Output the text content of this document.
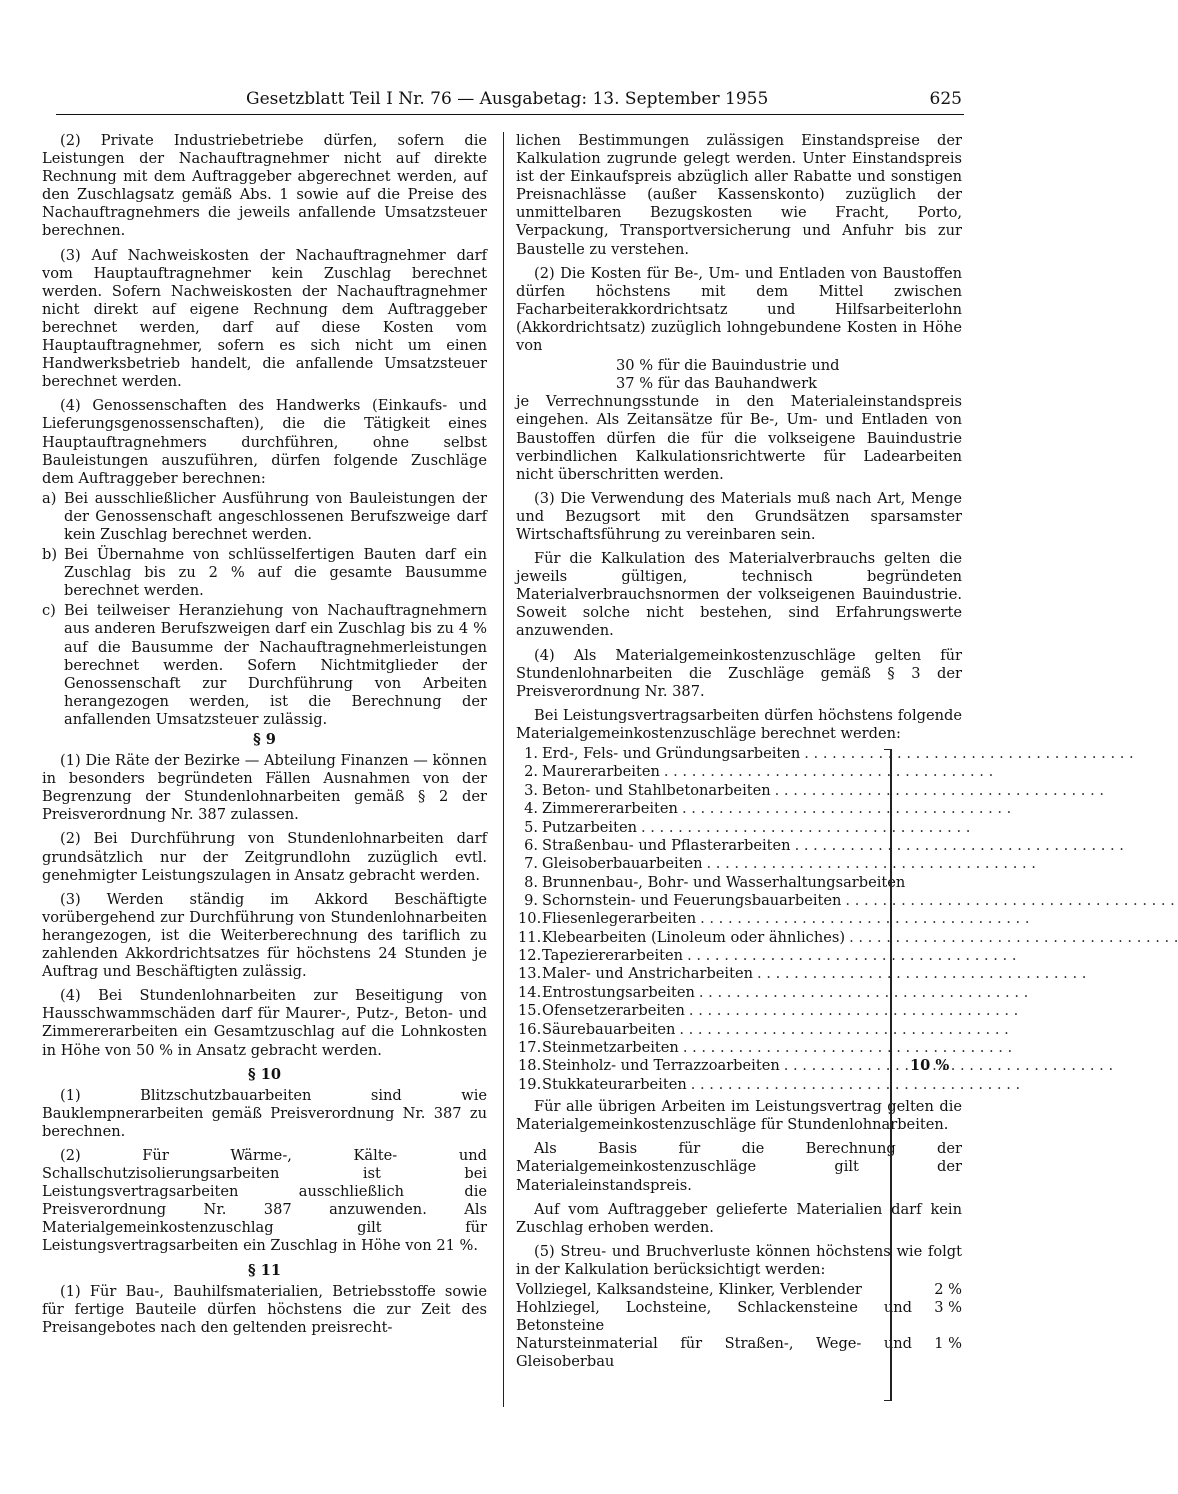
Gesetzblatt Teil I Nr. 76 — Ausgabetag: 13. September 1955	625

(2) Private Industriebetriebe dürfen, sofern die Leistungen der Nachauftragnehmer nicht auf direkte Rechnung mit dem Auftraggeber abgerechnet werden, auf den Zuschlagsatz gemäß Abs. 1 sowie auf die Preise des Nachauftragnehmers die jeweils anfallende Umsatzsteuer berechnen.

(3) Auf Nachweiskosten der Nachauftragnehmer darf vom Hauptauftragnehmer kein Zuschlag berechnet werden. Sofern Nachweiskosten der Nachauftragnehmer nicht direkt auf eigene Rechnung dem Auftraggeber berechnet werden, darf auf diese Kosten vom Hauptauftragnehmer, sofern es sich nicht um einen Handwerksbetrieb handelt, die anfallende Umsatzsteuer berechnet werden.

(4) Genossenschaften des Handwerks (Einkaufs- und Lieferungsgenossenschaften), die die Tätigkeit eines Hauptauftragnehmers durchführen, ohne selbst Bauleistungen auszuführen, dürfen folgende Zuschläge dem Auftraggeber berechnen:

a) Bei ausschließlicher Ausführung von Bauleistungen der der Genossenschaft angeschlossenen Berufszweige darf kein Zuschlag berechnet werden.
b) Bei Übernahme von schlüsselfertigen Bauten darf ein Zuschlag bis zu 2 % auf die gesamte Bausumme berechnet werden.
c) Bei teilweiser Heranziehung von Nachauftragnehmern aus anderen Berufszweigen darf ein Zuschlag bis zu 4 % auf die Bausumme der Nachauftragnehmerleistungen berechnet werden. Sofern Nichtmitglieder der Genossenschaft zur Durchführung von Arbeiten herangezogen werden, ist die Berechnung der anfallenden Umsatzsteuer zulässig.
§ 9

(1) Die Räte der Bezirke — Abteilung Finanzen — können in besonders begründeten Fällen Ausnahmen von der Begrenzung der Stundenlohnarbeiten gemäß § 2 der Preisverordnung Nr. 387 zulassen.

(2) Bei Durchführung von Stundenlohnarbeiten darf grundsätzlich nur der Zeitgrundlohn zuzüglich evtl. genehmigter Leistungszulagen in Ansatz gebracht werden.

(3) Werden ständig im Akkord Beschäftigte vorübergehend zur Durchführung von Stundenlohnarbeiten herangezogen, ist die Weiterberechnung des tariflich zu zahlenden Akkordrichtsatzes für höchstens 24 Stunden je Auftrag und Beschäftigten zulässig.

(4) Bei Stundenlohnarbeiten zur Beseitigung von Hausschwammschäden darf für Maurer-, Putz-, Beton- und Zimmererarbeiten ein Gesamtzuschlag auf die Lohnkosten in Höhe von 50 % in Ansatz gebracht werden.

§ 10

(1) Blitzschutzbauarbeiten sind wie Bauklempnerarbeiten gemäß Preisverordnung Nr. 387 zu berechnen.

(2) Für Wärme-, Kälte- und Schallschutzisolierungsarbeiten ist bei Leistungsvertragsarbeiten ausschließlich die Preisverordnung Nr. 387 anzuwenden. Als Materialgemeinkostenzuschlag gilt für Leistungsvertragsarbeiten ein Zuschlag in Höhe von 21 %.

§ 11

(1) Für Bau-, Bauhilfsmaterialien, Betriebsstoffe sowie für fertige Bauteile dürfen höchstens die zur Zeit des Preisangebotes nach den geltenden preisrecht-

lichen Bestimmungen zulässigen Einstandspreise der Kalkulation zugrunde gelegt werden. Unter Einstandspreis ist der Einkaufspreis abzüglich aller Rabatte und sonstigen Preisnachlässe (außer Kassenskonto) zuzüglich der unmittelbaren Bezugskosten wie Fracht, Porto, Verpackung, Transportversicherung und Anfuhr bis zur Baustelle zu verstehen.

(2) Die Kosten für Be-, Um- und Entladen von Baustoffen dürfen höchstens mit dem Mittel zwischen Facharbeiterakkordrichtsatz und Hilfsarbeiterlohn (Akkordrichtsatz) zuzüglich lohngebundene Kosten in Höhe von

30 % für die Bauindustrie und
37 % für das Bauhandwerk

je Verrechnungsstunde in den Materialeinstandspreis eingehen. Als Zeitansätze für Be-, Um- und Entladen von Baustoffen dürfen die für die volkseigene Bauindustrie verbindlichen Kalkulationsrichtwerte für Ladearbeiten nicht überschritten werden.

(3) Die Verwendung des Materials muß nach Art, Menge und Bezugsort mit den Grundsätzen sparsamster Wirtschaftsführung zu vereinbaren sein.

Für die Kalkulation des Materialverbrauchs gelten die jeweils gültigen, technisch begründeten Materialverbrauchsnormen der volkseigenen Bauindustrie. Soweit solche nicht bestehen, sind Erfahrungswerte anzuwenden.

(4) Als Materialgemeinkostenzuschläge gelten für Stundenlohnarbeiten die Zuschläge gemäß § 3 der Preisverordnung Nr. 387.

Bei Leistungsvertragsarbeiten dürfen höchstens folgende Materialgemeinkostenzuschläge berechnet werden:

1. Erd-, Fels- und Gründungsarbeiten
. . .
2. Maurerarbeiten
. . .
3. Beton- und Stahlbetonarbeiten
. . .
4. Zimmererarbeiten
. . .
5. Putzarbeiten
. . .
6. Straßenbau- und Pflasterarbeiten
. . .
7. Gleisoberbauarbeiten
. . .
8. Brunnenbau-, Bohr- und Wasserhaltungsarbeiten
9. Schornstein- und Feuerungsbauarbeiten
. . .
10. Fliesenlegerarbeiten
. . .
11. Klebearbeiten (Linoleum oder ähnliches)
. . .
12. Tapeziererarbeiten
. . .
13. Maler- und Anstricharbeiten
. . .
14. Entrostungsarbeiten
. . .
15. Ofensetzerarbeiten
. . .
16. Säurebauarbeiten
. . .
17. Steinmetzarbeiten
. . .
18. Steinholz- und Terrazzoarbeiten
. . .
19. Stukkateurarbeiten
. . .
10 %

Für alle übrigen Arbeiten im Leistungsvertrag gelten die Materialgemeinkostenzuschläge für Stundenlohnarbeiten.

Als Basis für die Berechnung der Materialgemeinkostenzuschläge gilt der Materialeinstandspreis.

Auf vom Auftraggeber gelieferte Materialien darf kein Zuschlag erhoben werden.

(5) Streu- und Bruchverluste können höchstens wie folgt in der Kalkulation berücksichtigt werden:

Vollziegel, Kalksandsteine, Klinker, Verblender	2 %
Hohlziegel, Lochsteine, Schlackensteine und Betonsteine
3 %
Natursteinmaterial für Straßen-, Wege- und Gleisoberbau
1 %
